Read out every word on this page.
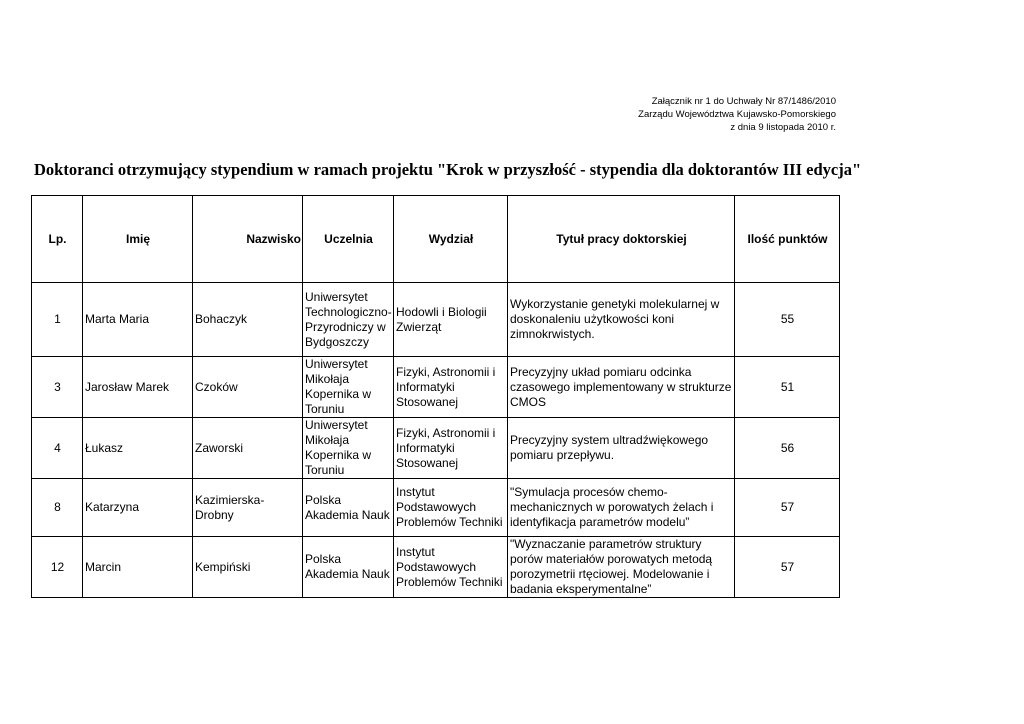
Załącznik nr 1 do Uchwały Nr 87/1486/2010
Zarządu Województwa Kujawsko-Pomorskiego
z dnia 9 listopada 2010 r.
Doktoranci otrzymujący stypendium w ramach projektu "Krok w przyszłość - stypendia dla doktorantów III edycja"
Lp.	Imię	Nazwisko	Uczelnia	Wydział	Tytuł pracy doktorskiej	Ilość punktów
1	Marta Maria	Bohaczyk	Uniwersytet Technologiczno-Przyrodniczy w Bydgoszczy	Hodowli i Biologii Zwierząt	Wykorzystanie genetyki molekularnej w doskonaleniu użytkowości koni zimnokrwistych.	55
3	Jarosław Marek	Czoków	Uniwersytet Mikołaja Kopernika w Toruniu	Fizyki, Astronomii i Informatyki Stosowanej	Precyzyjny układ pomiaru odcinka czasowego implementowany w strukturze CMOS	51
4	Łukasz	Zaworski	Uniwersytet Mikołaja Kopernika w Toruniu	Fizyki, Astronomii i Informatyki Stosowanej	Precyzyjny system ultradźwiękowego pomiaru przepływu.	56
8	Katarzyna	Kazimierska-Drobny	Polska Akademia Nauk	Instytut Podstawowych Problemów Techniki	"Symulacja procesów chemo-mechanicznych w porowatych żelach i identyfikacja parametrów modelu”	57
12	Marcin	Kempiński	Polska Akademia Nauk	Instytut Podstawowych Problemów Techniki	"Wyznaczanie parametrów struktury porów materiałów porowatych metodą porozymetrii rtęciowej. Modelowanie i badania eksperymentalne”	57
